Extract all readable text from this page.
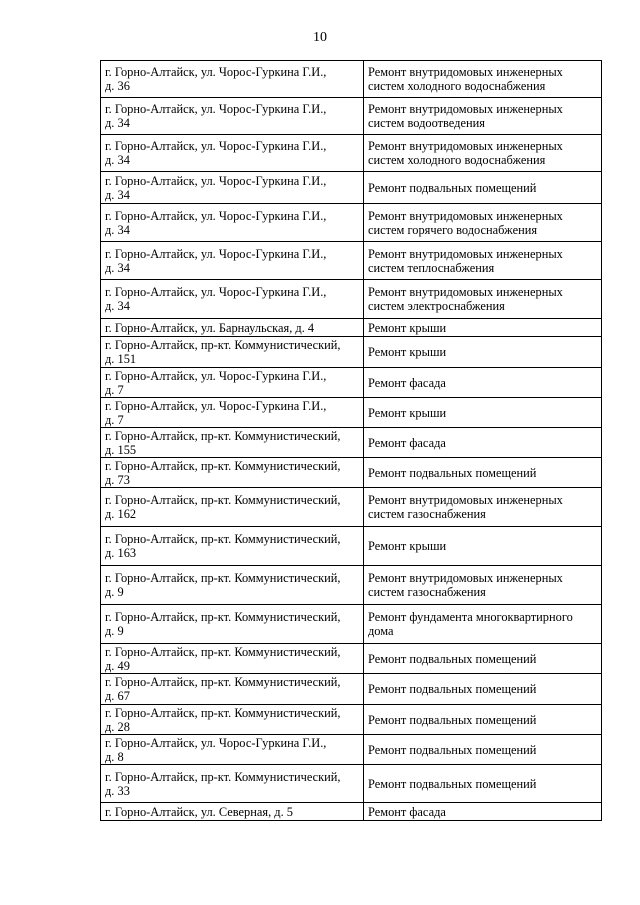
10
г. Горно-Алтайск, ул. Чорос-Гуркина Г.И.,
д. 36	Ремонт внутридомовых инженерных
систем холодного водоснабжения

г. Горно-Алтайск, ул. Чорос-Гуркина Г.И.,
д. 34	Ремонт внутридомовых инженерных
систем водоотведения

г. Горно-Алтайск, ул. Чорос-Гуркина Г.И.,
д. 34	Ремонт внутридомовых инженерных
систем холодного водоснабжения

г. Горно-Алтайск, ул. Чорос-Гуркина Г.И.,
д. 34	Ремонт подвальных помещений

г. Горно-Алтайск, ул. Чорос-Гуркина Г.И.,
д. 34	Ремонт внутридомовых инженерных
систем горячего водоснабжения

г. Горно-Алтайск, ул. Чорос-Гуркина Г.И.,
д. 34	Ремонт внутридомовых инженерных
систем теплоснабжения

г. Горно-Алтайск, ул. Чорос-Гуркина Г.И.,
д. 34	Ремонт внутридомовых инженерных
систем электроснабжения

г. Горно-Алтайск, ул. Барнаульская, д. 4	Ремонт крыши

г. Горно-Алтайск, пр-кт. Коммунистический,
д. 151	Ремонт крыши

г. Горно-Алтайск, ул. Чорос-Гуркина Г.И.,
д. 7	Ремонт фасада

г. Горно-Алтайск, ул. Чорос-Гуркина Г.И.,
д. 7	Ремонт крыши

г. Горно-Алтайск, пр-кт. Коммунистический,
д. 155	Ремонт фасада

г. Горно-Алтайск, пр-кт. Коммунистический,
д. 73	Ремонт подвальных помещений

г. Горно-Алтайск, пр-кт. Коммунистический,
д. 162	Ремонт внутридомовых инженерных
систем газоснабжения

г. Горно-Алтайск, пр-кт. Коммунистический,
д. 163	Ремонт крыши

г. Горно-Алтайск, пр-кт. Коммунистический,
д. 9	Ремонт внутридомовых инженерных
систем газоснабжения

г. Горно-Алтайск, пр-кт. Коммунистический,
д. 9	Ремонт фундамента многоквартирного
дома

г. Горно-Алтайск, пр-кт. Коммунистический,
д. 49	Ремонт подвальных помещений

г. Горно-Алтайск, пр-кт. Коммунистический,
д. 67	Ремонт подвальных помещений

г. Горно-Алтайск, пр-кт. Коммунистический,
д. 28	Ремонт подвальных помещений

г. Горно-Алтайск, ул. Чорос-Гуркина Г.И.,
д. 8	Ремонт подвальных помещений

г. Горно-Алтайск, пр-кт. Коммунистический,
д. 33	Ремонт подвальных помещений

г. Горно-Алтайск, ул. Северная, д. 5	Ремонт фасада
